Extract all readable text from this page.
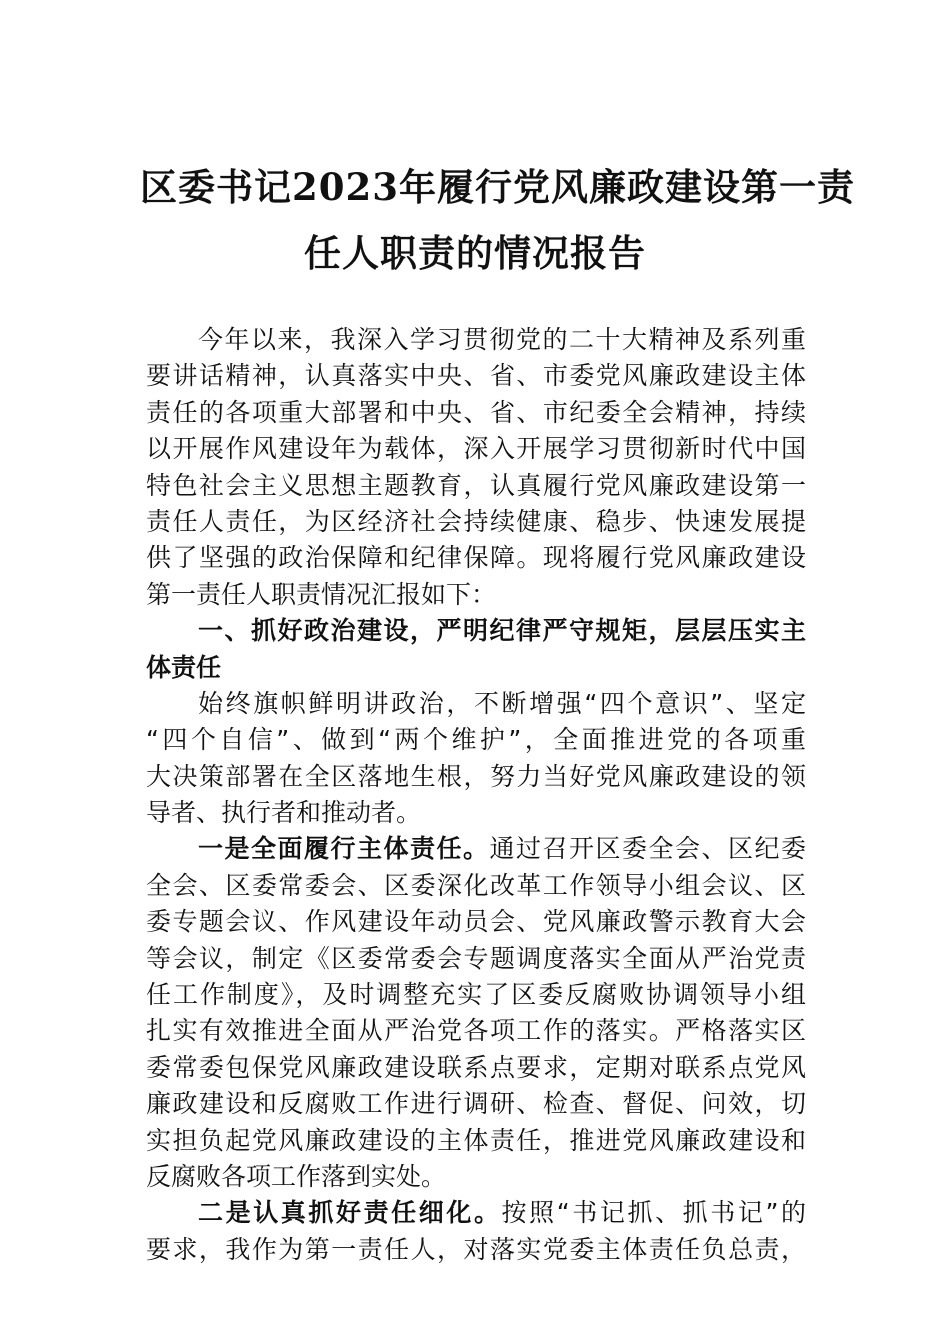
区委书记2023年履行党风廉政建设第一责
任人职责的情况报告
今年以来，我深入学习贯彻党的二十大精神及系列重
要讲话精神，认真落实中央、省、市委党风廉政建设主体
责任的各项重大部署和中央、省、市纪委全会精神，持续
以开展作风建设年为载体，深入开展学习贯彻新时代中国
特色社会主义思想主题教育，认真履行党风廉政建设第一
责任人责任，为区经济社会持续健康、稳步、快速发展提
供了坚强的政治保障和纪律保障。现将履行党风廉政建设
第一责任人职责情况汇报如下：
一、抓好政治建设，严明纪律严守规矩，层层压实主
体责任
始终旗帜鲜明讲政治，不断增强“四个意识”、坚定
“四个自信”、做到“两个维护”，全面推进党的各项重
大决策部署在全区落地生根，努力当好党风廉政建设的领
导者、执行者和推动者。
一是全面履行主体责任。通过召开区委全会、区纪委
全会、区委常委会、区委深化改革工作领导小组会议、区
委专题会议、作风建设年动员会、党风廉政警示教育大会
等会议，制定《区委常委会专题调度落实全面从严治党责
任工作制度》，及时调整充实了区委反腐败协调领导小组
扎实有效推进全面从严治党各项工作的落实。严格落实区
委常委包保党风廉政建设联系点要求，定期对联系点党风
廉政建设和反腐败工作进行调研、检查、督促、问效，切
实担负起党风廉政建设的主体责任，推进党风廉政建设和
反腐败各项工作落到实处。
二是认真抓好责任细化。按照“书记抓、抓书记”的
要求，我作为第一责任人，对落实党委主体责任负总责，
